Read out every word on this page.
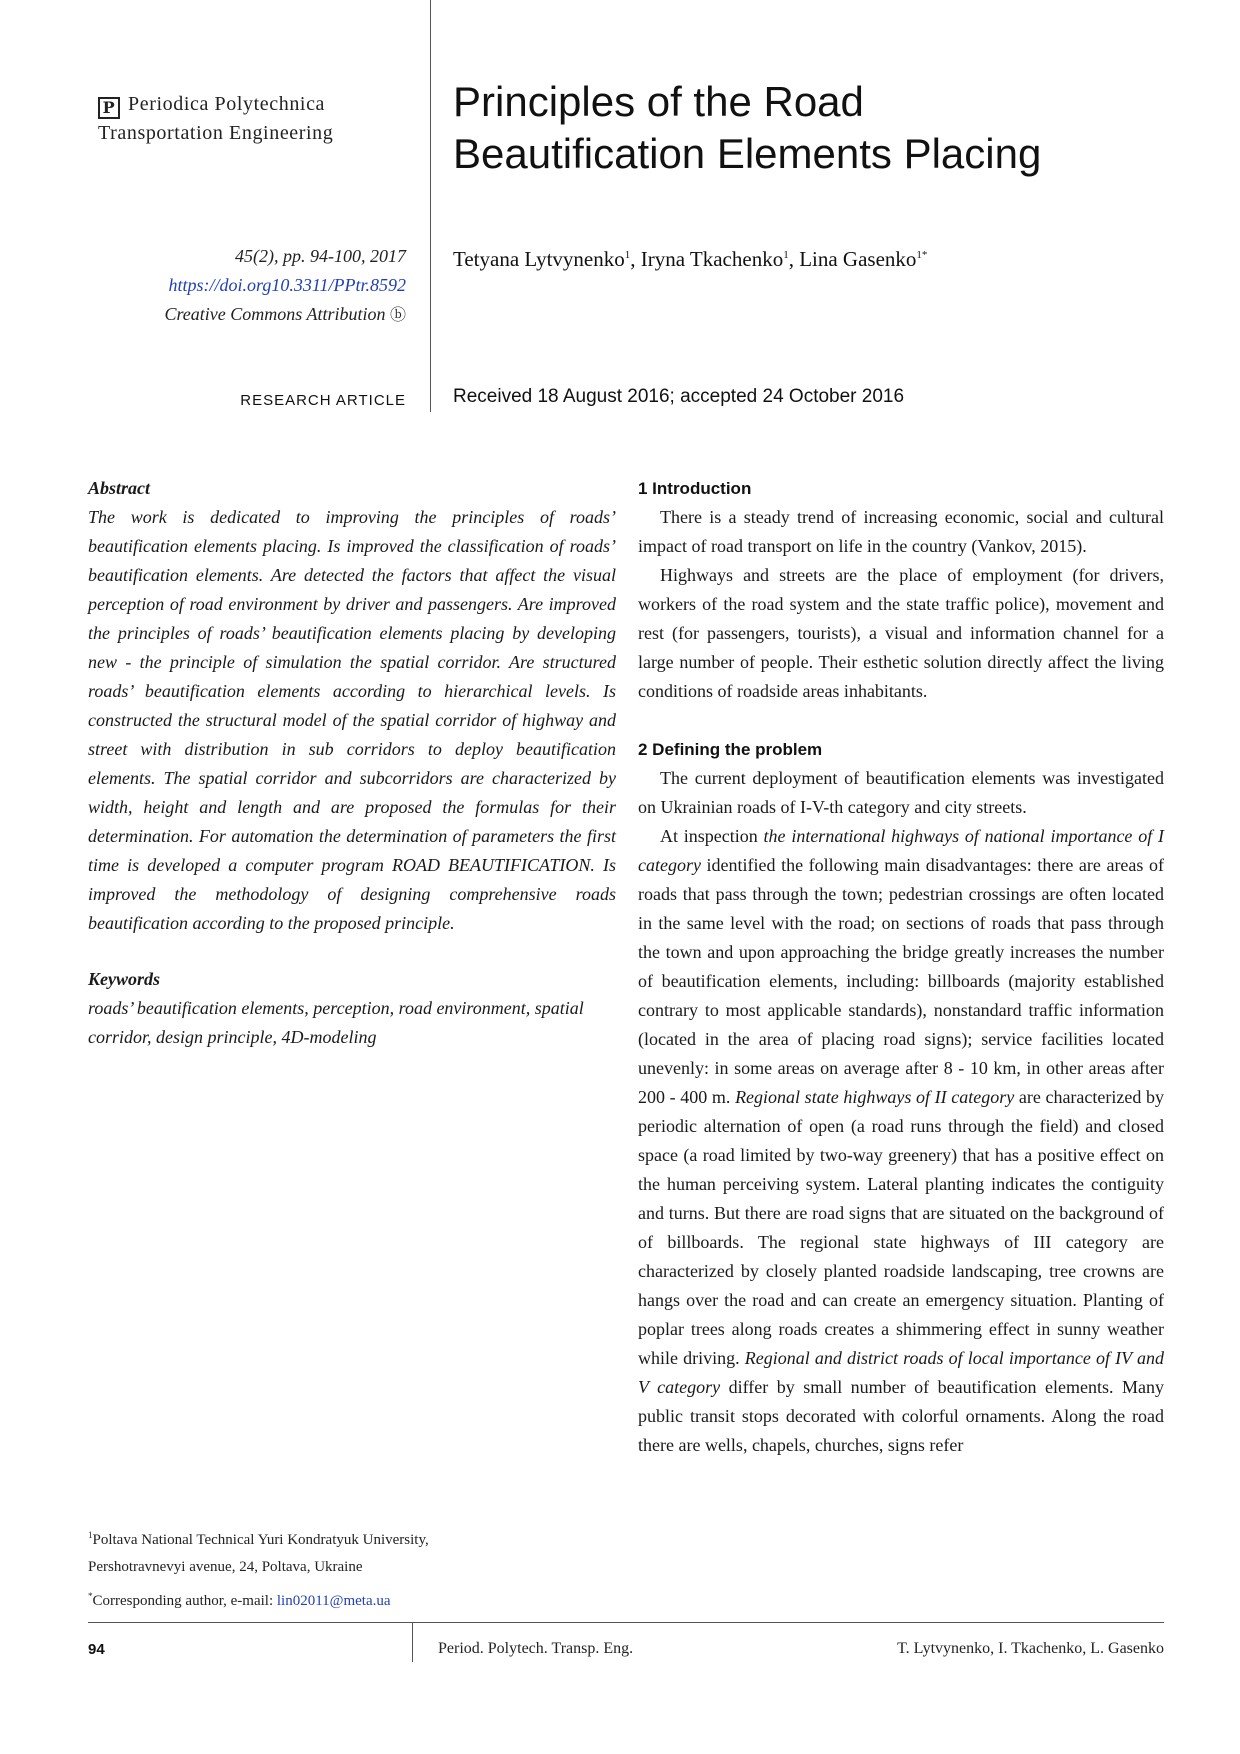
P Periodica Polytechnica
Transportation Engineering
Principles of the Road
Beautification Elements Placing
45(2), pp. 94-100, 2017
https://doi.org10.3311/PPtr.8592
Creative Commons Attribution ⓑ
Tetyana Lytvynenko$^1$, Iryna Tkachenko$^1$, Lina Gasenko$^{1*}$
RESEARCH ARTICLE Received 18 August 2016; accepted 24 October 2016
Abstract

The work is dedicated to improving the principles of roads’ beautification elements placing. Is improved the classification of roads’ beautification elements. Are detected the factors that affect the visual perception of road environment by driver and passengers. Are improved the principles of roads’ beautification elements placing by developing new - the principle of simulation the spatial corridor. Are structured roads’ beautification elements according to hierarchical levels. Is constructed the structural model of the spatial corridor of highway and street with distribution in sub corridors to deploy beautification elements. The spatial corridor and subcorridors are characterized by width, height and length and are proposed the formulas for their determination. For automation the determination of parameters the first time is developed a computer program ROAD BEAUTIFICATION. Is improved the methodology of designing comprehensive roads beautification according to the proposed principle.

Keywords

roads’ beautification elements, perception, road environment, spatial corridor, design principle, 4D-modeling

1 Introduction

There is a steady trend of increasing economic, social and cultural impact of road transport on life in the country (Vankov, 2015).

Highways and streets are the place of employment (for drivers, workers of the road system and the state traffic police), movement and rest (for passengers, tourists), a visual and information channel for a large number of people. Their esthetic solution directly affect the living conditions of roadside areas inhabitants.

2 Defining the problem

The current deployment of beautification elements was investigated on Ukrainian roads of I-V-th category and city streets.

At inspection the international highways of national importance of I category identified the following main disadvantages: there are areas of roads that pass through the town; pedestrian crossings are often located in the same level with the road; on sections of roads that pass through the town and upon approaching the bridge greatly increases the number of beautification elements, including: billboards (majority established contrary to most applicable standards), nonstandard traffic information (located in the area of placing road signs); service facilities located unevenly: in some areas on average after 8 - 10 km, in other areas after 200 - 400 m. Regional state highways of II category are characterized by periodic alternation of open (a road runs through the field) and closed space (a road limited by two-way greenery) that has a positive effect on the human perceiving system. Lateral planting indicates the contiguity and turns. But there are road signs that are situated on the background of of billboards. The regional state highways of III category are characterized by closely planted roadside landscaping, tree crowns are hangs over the road and can create an emergency situation. Planting of poplar trees along roads creates a shimmering effect in sunny weather while driving. Regional and district roads of local importance of IV and V category differ by small number of beautification elements. Many public transit stops decorated with colorful ornaments. Along the road there are wells, chapels, churches, signs refer

$^1$Poltava National Technical Yuri Kondratyuk University,
Pershotravnevyi avenue, 24, Poltava, Ukraine
*Corresponding author, e-mail: lin02011@meta.ua
94	Period. Polytech. Transp. Eng.	T. Lytvynenko, I. Tkachenko, L. Gasenko
